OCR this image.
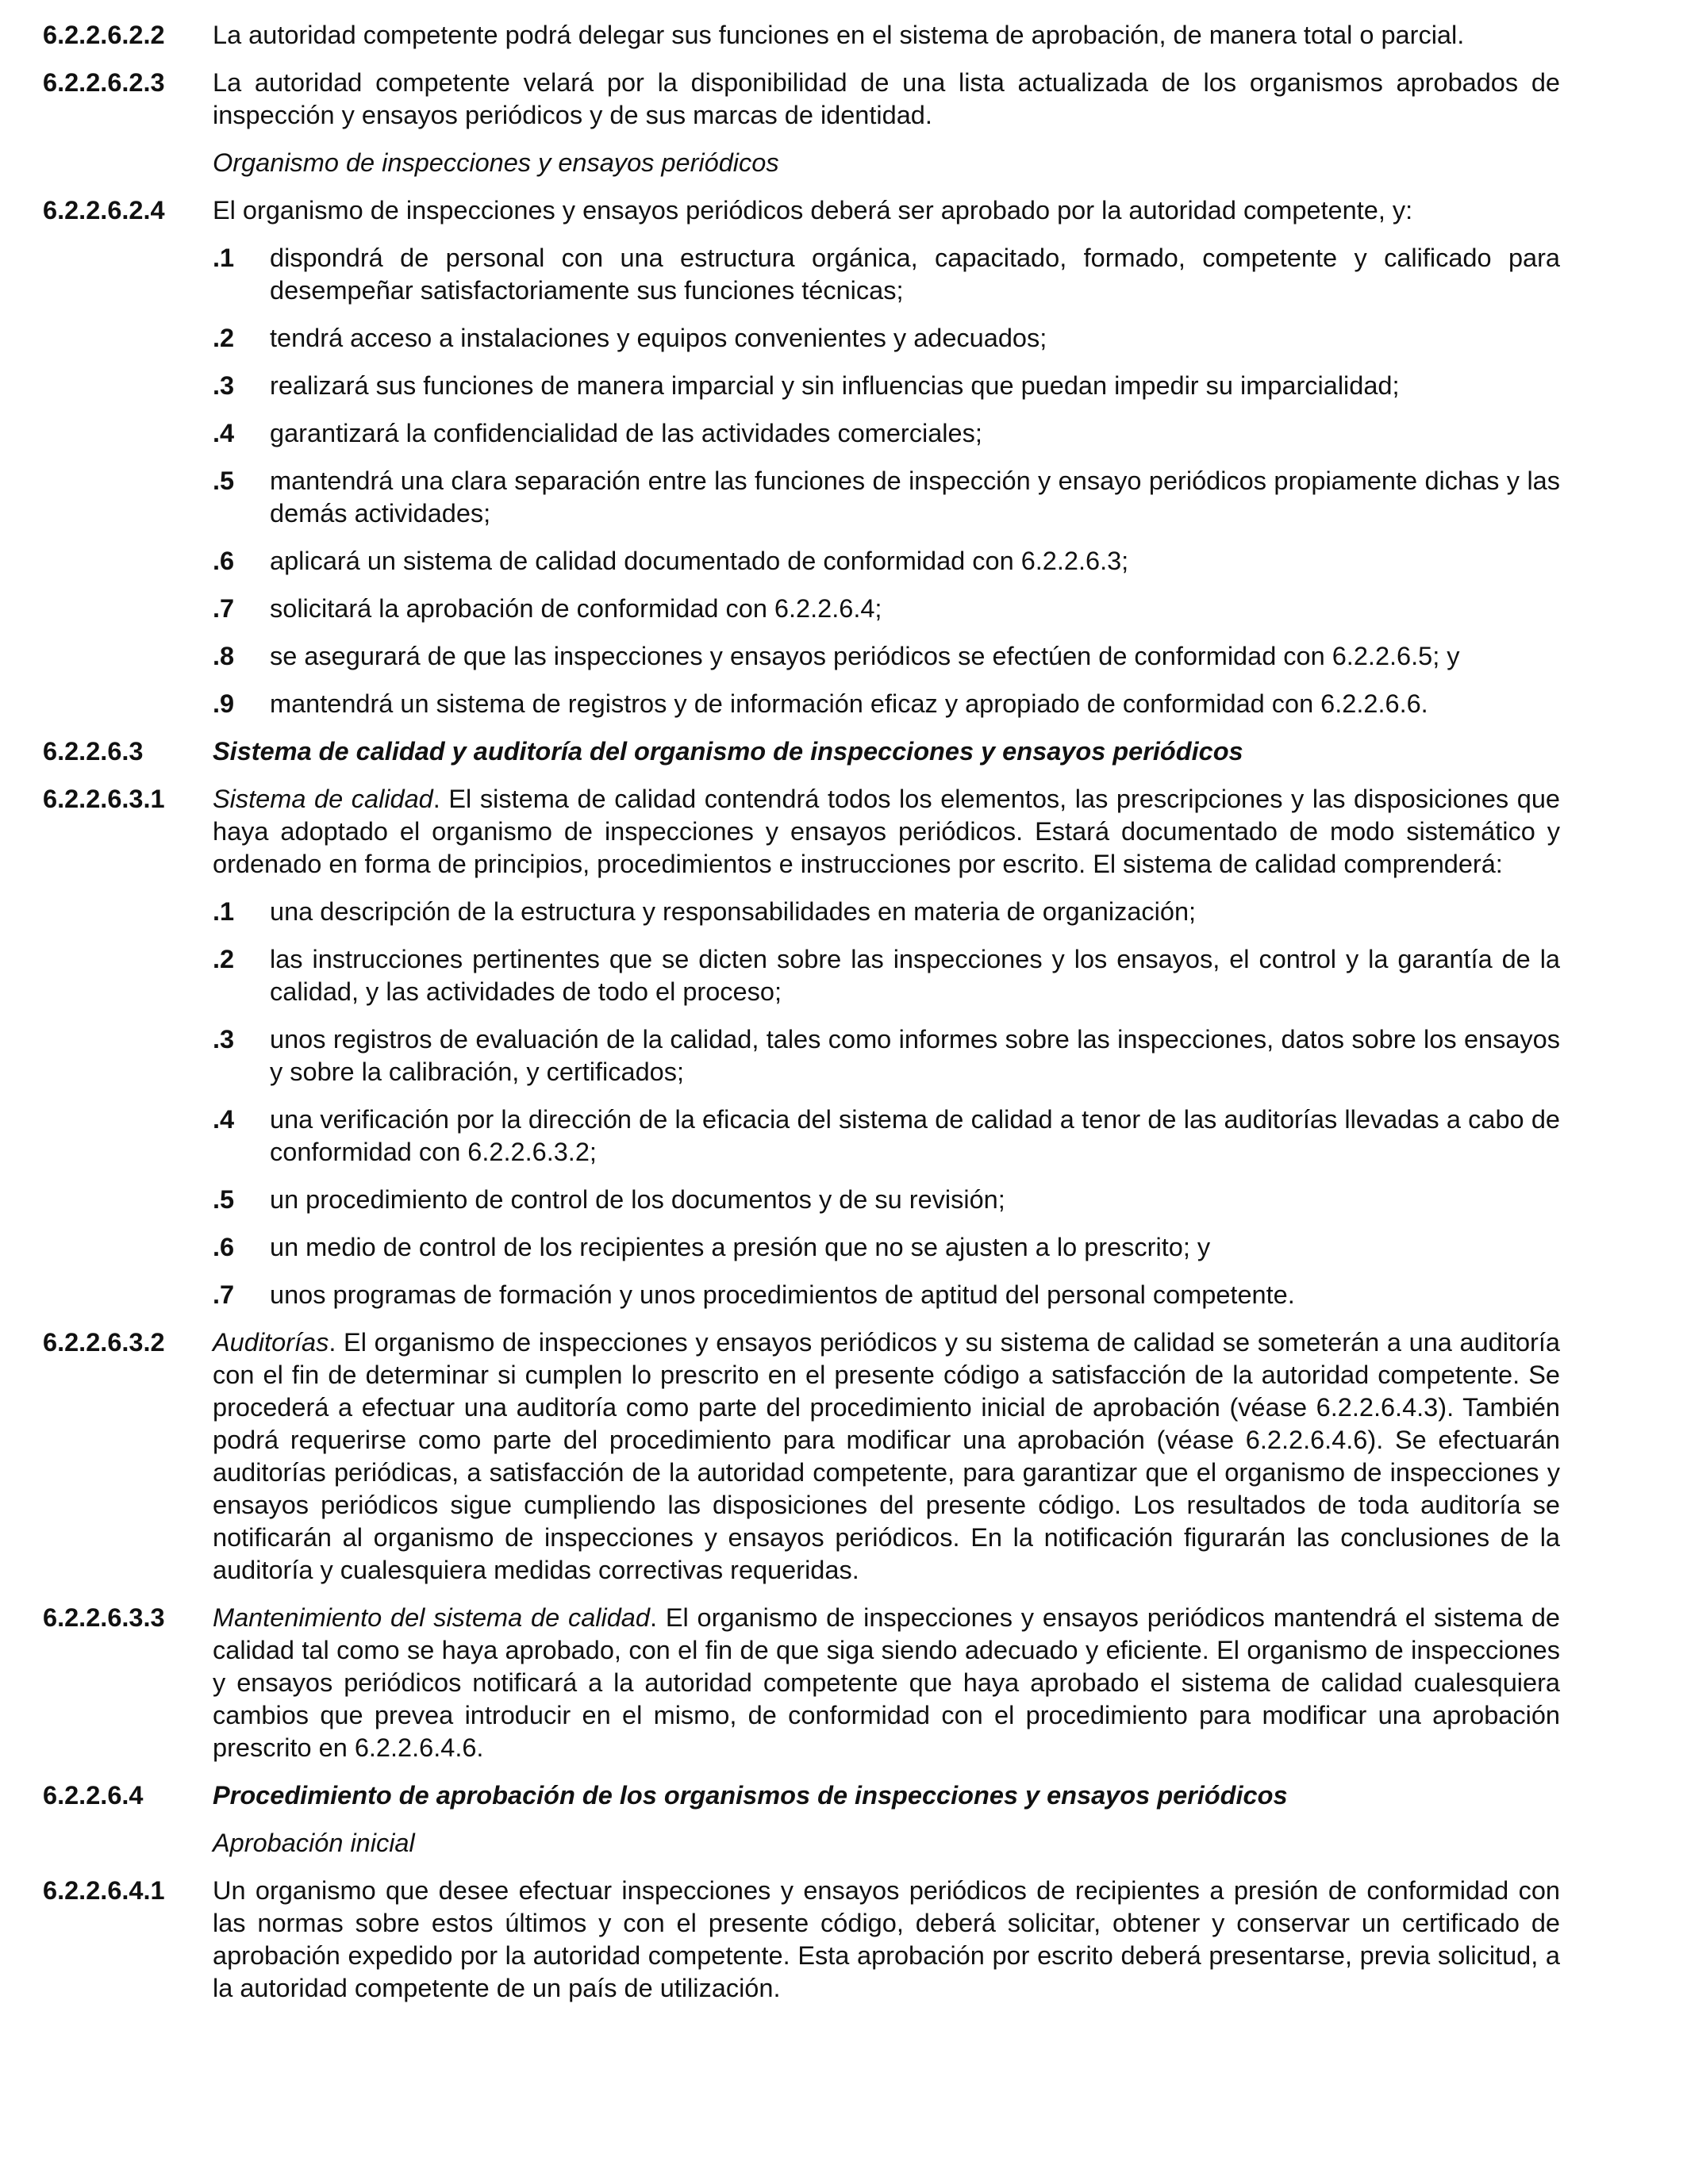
6.2.2.6.2.2	La autoridad competente podrá delegar sus funciones en el sistema de aprobación, de manera total o parcial.
6.2.2.6.2.3	La autoridad competente velará por la disponibilidad de una lista actualizada de los organismos aprobados de inspección y ensayos periódicos y de sus marcas de identidad.
Organismo de inspecciones y ensayos periódicos
6.2.2.6.2.4	El organismo de inspecciones y ensayos periódicos deberá ser aprobado por la autoridad competente, y:
.1	dispondrá de personal con una estructura orgánica, capacitado, formado, competente y calificado para desempeñar satisfactoriamente sus funciones técnicas;
.2	tendrá acceso a instalaciones y equipos convenientes y adecuados;
.3	realizará sus funciones de manera imparcial y sin influencias que puedan impedir su imparcialidad;
.4	garantizará la confidencialidad de las actividades comerciales;
.5	mantendrá una clara separación entre las funciones de inspección y ensayo periódicos propiamente dichas y las demás actividades;
.6	aplicará un sistema de calidad documentado de conformidad con 6.2.2.6.3;
.7	solicitará la aprobación de conformidad con 6.2.2.6.4;
.8	se asegurará de que las inspecciones y ensayos periódicos se efectúen de conformidad con 6.2.2.6.5; y
.9	mantendrá un sistema de registros y de información eficaz y apropiado de conformidad con 6.2.2.6.6.
6.2.2.6.3	Sistema de calidad y auditoría del organismo de inspecciones y ensayos periódicos
6.2.2.6.3.1	Sistema de calidad. El sistema de calidad contendrá todos los elementos, las prescripciones y las disposiciones que haya adoptado el organismo de inspecciones y ensayos periódicos. Estará documentado de modo sistemático y ordenado en forma de principios, procedimientos e instrucciones por escrito. El sistema de calidad comprenderá:
.1	una descripción de la estructura y responsabilidades en materia de organización;
.2	las instrucciones pertinentes que se dicten sobre las inspecciones y los ensayos, el control y la garantía de la calidad, y las actividades de todo el proceso;
.3	unos registros de evaluación de la calidad, tales como informes sobre las inspecciones, datos sobre los ensayos y sobre la calibración, y certificados;
.4	una verificación por la dirección de la eficacia del sistema de calidad a tenor de las auditorías llevadas a cabo de conformidad con 6.2.2.6.3.2;
.5	un procedimiento de control de los documentos y de su revisión;
.6	un medio de control de los recipientes a presión que no se ajusten a lo prescrito; y
.7	unos programas de formación y unos procedimientos de aptitud del personal competente.
6.2.2.6.3.2	Auditorías. El organismo de inspecciones y ensayos periódicos y su sistema de calidad se someterán a una auditoría con el fin de determinar si cumplen lo prescrito en el presente código a satisfacción de la autoridad competente. Se procederá a efectuar una auditoría como parte del procedimiento inicial de aprobación (véase 6.2.2.6.4.3). También podrá requerirse como parte del procedimiento para modificar una aprobación (véase 6.2.2.6.4.6). Se efectuarán auditorías periódicas, a satisfacción de la autoridad competente, para garantizar que el organismo de inspecciones y ensayos periódicos sigue cumpliendo las disposiciones del presente código. Los resultados de toda auditoría se notificarán al organismo de inspecciones y ensayos periódicos. En la notificación figurarán las conclusiones de la auditoría y cualesquiera medidas correctivas requeridas.
6.2.2.6.3.3	Mantenimiento del sistema de calidad. El organismo de inspecciones y ensayos periódicos mantendrá el sistema de calidad tal como se haya aprobado, con el fin de que siga siendo adecuado y eficiente. El organismo de inspecciones y ensayos periódicos notificará a la autoridad competente que haya aprobado el sistema de calidad cualesquiera cambios que prevea introducir en el mismo, de conformidad con el procedimiento para modificar una aprobación prescrito en 6.2.2.6.4.6.
6.2.2.6.4	Procedimiento de aprobación de los organismos de inspecciones y ensayos periódicos
Aprobación inicial
6.2.2.6.4.1	Un organismo que desee efectuar inspecciones y ensayos periódicos de recipientes a presión de conformidad con las normas sobre estos últimos y con el presente código, deberá solicitar, obtener y conservar un certificado de aprobación expedido por la autoridad competente. Esta aprobación por escrito deberá presentarse, previa solicitud, a la autoridad competente de un país de utilización.
